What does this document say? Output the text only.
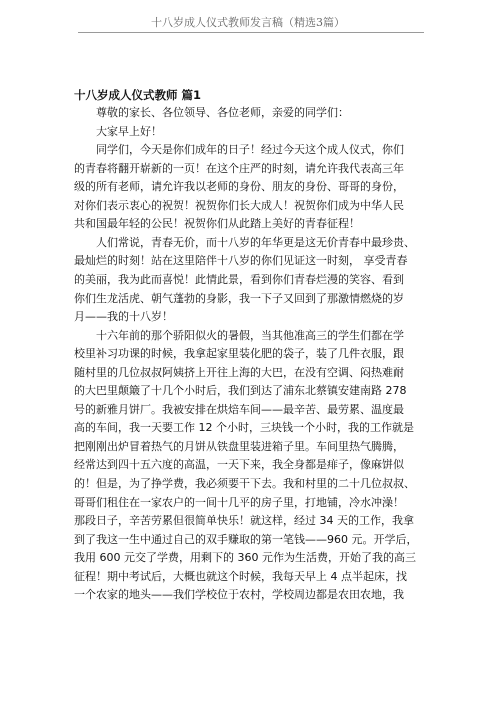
十八岁成人仪式教师发言稿（精选3篇）
十八岁成人仪式教师 篇1
尊敬的家长、各位领导、各位老师，亲爱的同学们：
大家早上好！
同学们，今天是你们成年的日子！经过今天这个成人仪式，你们
的青春将翻开崭新的一页！在这个庄严的时刻，请允许我代表高三年
级的所有老师，请允许我以老师的身份、朋友的身份、哥哥的身份，
对你们表示衷心的祝贺！祝贺你们长大成人！祝贺你们成为中华人民
共和国最年轻的公民！祝贺你们从此踏上美好的青春征程！
人们常说，青春无价，而十八岁的年华更是这无价青春中最珍贵、
最灿烂的时刻！站在这里陪伴十八岁的你们见证这一时刻， 享受青春
的美丽，我为此而喜悦！此情此景，看到你们青春烂漫的笑容、看到
你们生龙活虎、朝气蓬勃的身影，我一下子又回到了那激情燃烧的岁
月——我的十八岁！
十六年前的那个骄阳似火的暑假，当其他准高三的学生们都在学
校里补习功课的时候，我拿起家里装化肥的袋子，装了几件衣服，跟
随村里的几位叔叔阿姨挤上开往上海的大巴，在没有空调、闷热难耐
的大巴里颠簸了十几个小时后，我们到达了浦东北蔡镇安建南路 278
号的新雅月饼厂。我被安排在烘焙车间——最辛苦、最劳累、温度最
高的车间，我一天要工作 12 个小时，三块钱一个小时，我的工作就是
把刚刚出炉冒着热气的月饼从铁盘里装进箱子里。车间里热气腾腾，
经常达到四十五六度的高温，一天下来，我全身都是痱子，像麻饼似
的！但是，为了挣学费，我必须要干下去。我和村里的二十几位叔叔、
哥哥们租住在一家农户的一间十几平的房子里，打地铺，冷水冲澡！
那段日子，辛苦劳累但很简单快乐！就这样，经过 34 天的工作，我拿
到了我这一生中通过自己的双手赚取的第一笔钱——960 元。开学后，
我用 600 元交了学费，用剩下的 360 元作为生活费，开始了我的高三
征程！期中考试后，大概也就这个时候，我每天早上 4 点半起床，找
一个农家的地头——我们学校位于农村，学校周边都是农田农地，我
